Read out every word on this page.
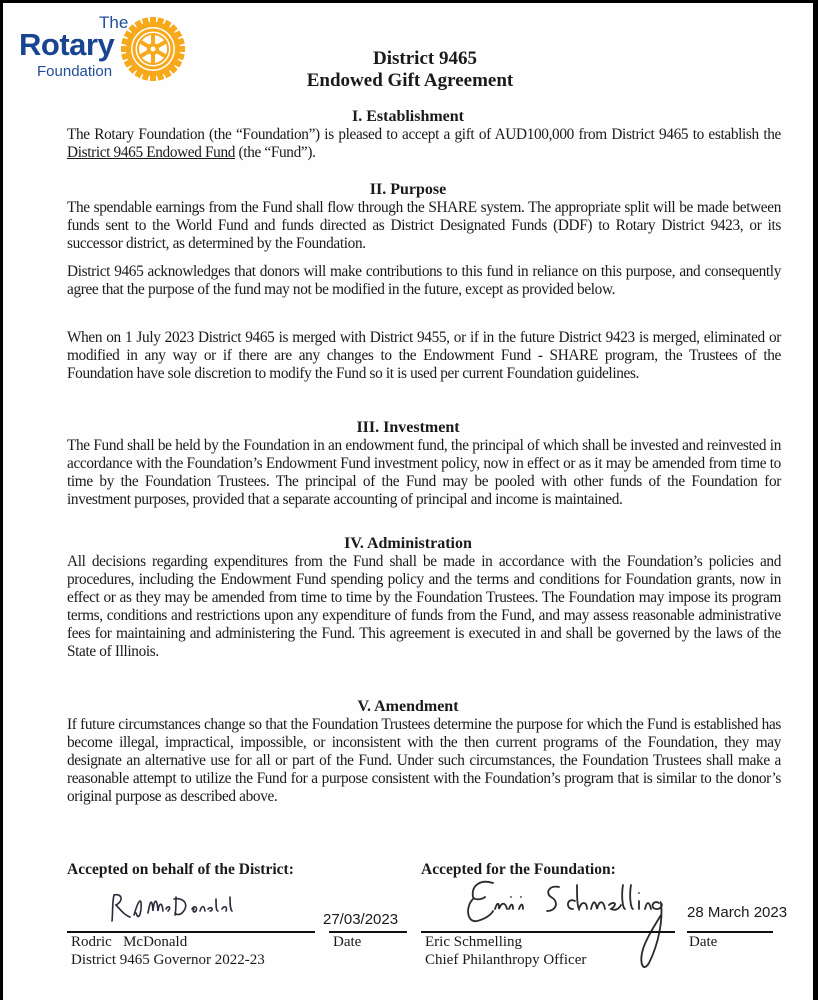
The
Rotary
Foundation
District 9465
Endowed Gift Agreement
I. Establishment
The Rotary Foundation (the “Foundation”) is pleased to accept a gift of AUD100,000 from District 9465 to establish the District 9465 Endowed Fund (the “Fund”).
II. Purpose
The spendable earnings from the Fund shall flow through the SHARE system. The appropriate split will be made between funds sent to the World Fund and funds directed as District Designated Funds (DDF) to Rotary District 9423, or its successor district, as determined by the Foundation.
District 9465 acknowledges that donors will make contributions to this fund in reliance on this purpose, and consequently agree that the purpose of the fund may not be modified in the future, except as provided below.
When on 1 July 2023 District 9465 is merged with District 9455, or if in the future District 9423 is merged, eliminated or modified in any way or if there are any changes to the Endowment Fund - SHARE program, the Trustees of the Foundation have sole discretion to modify the Fund so it is used per current Foundation guidelines.
III. Investment
The Fund shall be held by the Foundation in an endowment fund, the principal of which shall be invested and reinvested in accordance with the Foundation’s Endowment Fund investment policy, now in effect or as it may be amended from time to time by the Foundation Trustees. The principal of the Fund may be pooled with other funds of the Foundation for investment purposes, provided that a separate accounting of principal and income is maintained.
IV. Administration
All decisions regarding expenditures from the Fund shall be made in accordance with the Foundation’s policies and procedures, including the Endowment Fund spending policy and the terms and conditions for Foundation grants, now in effect or as they may be amended from time to time by the Foundation Trustees. The Foundation may impose its program terms, conditions and restrictions upon any expenditure of funds from the Fund, and may assess reasonable administrative fees for maintaining and administering the Fund. This agreement is executed in and shall be governed by the laws of the State of Illinois.
V. Amendment
If future circumstances change so that the Foundation Trustees determine the purpose for which the Fund is established has become illegal, impractical, impossible, or inconsistent with the then current programs of the Foundation, they may designate an alternative use for all or part of the Fund. Under such circumstances, the Foundation Trustees shall make a reasonable attempt to utilize the Fund for a purpose consistent with the Foundation’s program that is similar to the donor’s original purpose as described above.
Accepted on behalf of the District:
27/03/2023
Rodric   McDonald
District 9465 Governor 2022-23
Date
Accepted for the Foundation:
28 March 2023
Eric Schmelling
Chief Philanthropy Officer
Date
